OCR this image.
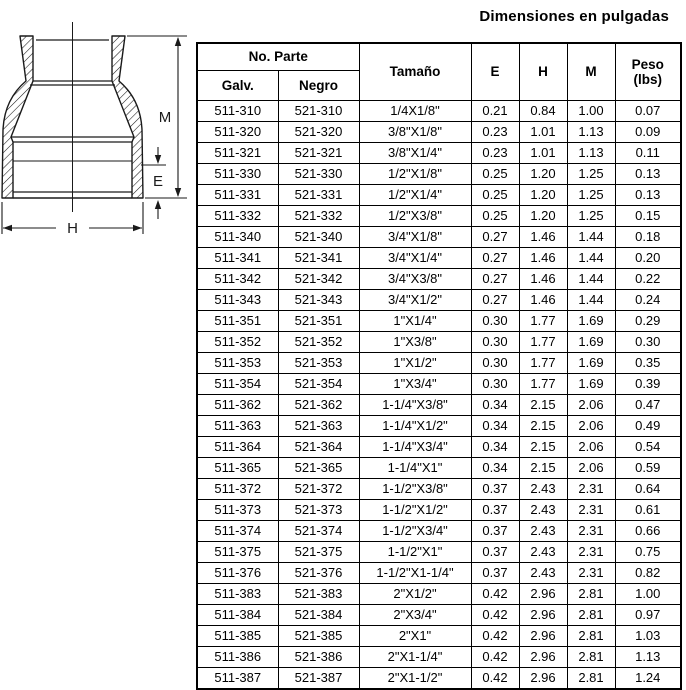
Dimensiones en pulgadas
M
E
H
No. Parte		Tamaño	E	H	M	Peso
(lbs)
Galv.	Negro					
511-310	521-310	1/4X1/8"	0.21	0.84	1.00	0.07
511-320	521-320	3/8"X1/8"	0.23	1.01	1.13	0.09
511-321	521-321	3/8"X1/4"	0.23	1.01	1.13	0.11
511-330	521-330	1/2"X1/8"	0.25	1.20	1.25	0.13
511-331	521-331	1/2"X1/4"	0.25	1.20	1.25	0.13
511-332	521-332	1/2"X3/8"	0.25	1.20	1.25	0.15
511-340	521-340	3/4"X1/8"	0.27	1.46	1.44	0.18
511-341	521-341	3/4"X1/4"	0.27	1.46	1.44	0.20
511-342	521-342	3/4"X3/8"	0.27	1.46	1.44	0.22
511-343	521-343	3/4"X1/2"	0.27	1.46	1.44	0.24
511-351	521-351	1"X1/4"	0.30	1.77	1.69	0.29
511-352	521-352	1"X3/8"	0.30	1.77	1.69	0.30
511-353	521-353	1"X1/2"	0.30	1.77	1.69	0.35
511-354	521-354	1"X3/4"	0.30	1.77	1.69	0.39
511-362	521-362	1-1/4"X3/8"	0.34	2.15	2.06	0.47
511-363	521-363	1-1/4"X1/2"	0.34	2.15	2.06	0.49
511-364	521-364	1-1/4"X3/4"	0.34	2.15	2.06	0.54
511-365	521-365	1-1/4"X1"	0.34	2.15	2.06	0.59
511-372	521-372	1-1/2"X3/8"	0.37	2.43	2.31	0.64
511-373	521-373	1-1/2"X1/2"	0.37	2.43	2.31	0.61
511-374	521-374	1-1/2"X3/4"	0.37	2.43	2.31	0.66
511-375	521-375	1-1/2"X1"	0.37	2.43	2.31	0.75
511-376	521-376	1-1/2"X1-1/4"	0.37	2.43	2.31	0.82
511-383	521-383	2"X1/2"	0.42	2.96	2.81	1.00
511-384	521-384	2"X3/4"	0.42	2.96	2.81	0.97
511-385	521-385	2"X1"	0.42	2.96	2.81	1.03
511-386	521-386	2"X1-1/4"	0.42	2.96	2.81	1.13
511-387	521-387	2"X1-1/2"	0.42	2.96	2.81	1.24
